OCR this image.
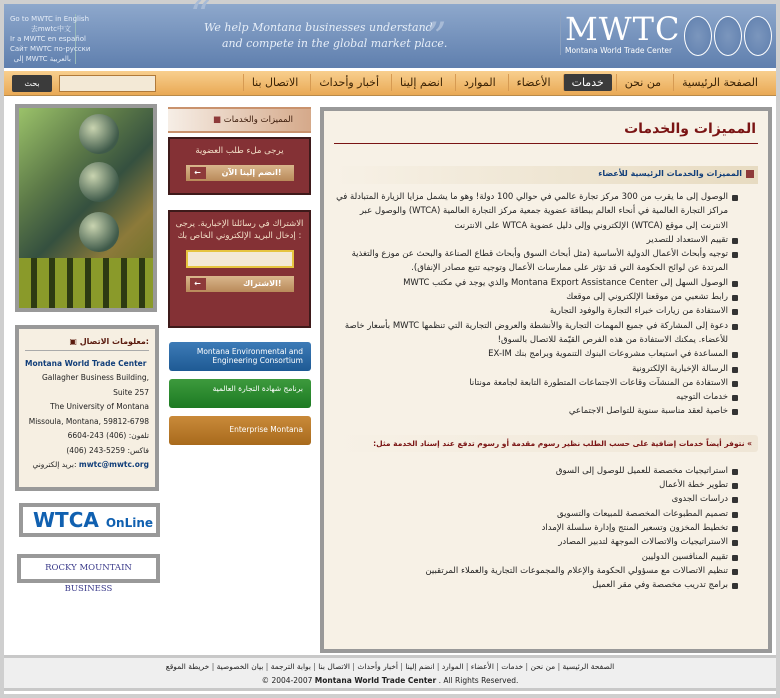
Go to MWTC in English
去mwtc中文
Ir a MWTC en español
Сайт MWTC по-русски
إلى MWTC بالعربية
“
We help Montana businesses understand
and compete in the global market place.
”	MWTC
Montana World Trade Center
بحث	الصفحة الرئيسية
من نحن
خدمات
الأعضاء
الموارد
انضم إلينا
أخبار وأحداث
الاتصال بنا
▣ معلومات الاتصال:
Montana World Trade Center
Gallagher Business Building,
Suite 257
The University of Montana
Missoula, Montana, 59812-6798
تلفون: (406) 243-6604
فاكس: 5259-243 (406)
بريد إلكتروني: mwtc@mwtc.org
WTCA OnLine
ROCKY MOUNTAIN BUSINESS
■ المميزات والخدمات
يرجى ملء طلب العضوية
← انضم إلينا الآن!
الاشتراك في رسائلنا الإخبارية. يرجى إدخال البريد الإلكتروني الخاص بك :
← الاشتراك!
Montana Environmental and Engineering Consortium
برنامج شهادة التجارة العالمية
Enterprise Montana
المميزات والخدمات
المميزات والخدمات الرئيسية للأعضاء
الوصول إلى ما يقرب من 300 مركز تجارة عالمي في حوالي 100 دولة! وهو ما يشمل مزايا الزيارة المتبادلة في مراكز التجارة العالمية في أنحاء العالم ببطاقة عضوية جمعية مركز التجارة العالمية (WTCA) والوصول عبر الانترنت إلى موقع (WTCA) الإلكتروني وإلى دليل عضوية WTCA على الانترنت
تقييم الاستعداد للتصدير
توجيه وأبحاث الأعمال الدولية الأساسية (مثل أبحاث السوق وأبحاث قطاع الصناعة والبحث عن موزع والتغذية المرتدة عن لوائح الحكومة التي قد تؤثر على ممارسات الأعمال وتوجيه تتبع مصادر الإنفاق).
الوصول السهل إلى Montana Export Assistance Center والذي يوجد في مكتب MWTC
رابط تشعبي من موقعنا الإلكتروني إلى موقعك
الاستفادة من زيارات خبراء التجارة والوفود التجارية
دعوة إلى المشاركة في جميع المهمات التجارية والأنشطة والعروض التجارية التي تنظمها MWTC بأسعار خاصة للأعضاء. يمكنك الاستفادة من هذه الفرص القيّمة للاتصال بالسوق!
المساعدة في استيعاب مشروعات البنوك التنموية وبرامج بنك EX-IM
الرسالة الإخبارية الإلكترونية
الاستفادة من المنشآت وقاعات الاجتماعات المتطورة التابعة لجامعة مونتانا
خدمات التوجيه
خاصية لعقد مناسبة سنوية للتواصل الاجتماعي
» نتوفر أيضاً خدمات إضافية على حسب الطلب نظير رسوم مقدمة أو رسوم تدفع عند إسناد الخدمة مثل:
استراتيجيات مخصصة للعميل للوصول إلى السوق
تطوير خطة الأعمال
دراسات الجدوى
تصميم المطبوعات المخصصة للمبيعات والتسويق
تخطيط المخزون وتسعير المنتج وإدارة سلسلة الإمداد
الاستراتيجيات والاتصالات الموجهة لتدبير المصادر
تقييم المنافسين الدوليين
تنظيم الاتصالات مع مسؤولي الحكومة والإعلام والمجموعات التجارية والعملاء المرتقبين
برامج تدريب مخصصة وفي مقر العميل
الصفحة الرئيسية| من نحن| خدمات| الأعضاء| الموارد| انضم إلينا| أخبار وأحداث| الاتصال بنا| بوابة الترجمة| بيان الخصوصية| خريطة الموقع
© 2004-2007 Montana World Trade Center . All Rights Reserved.
